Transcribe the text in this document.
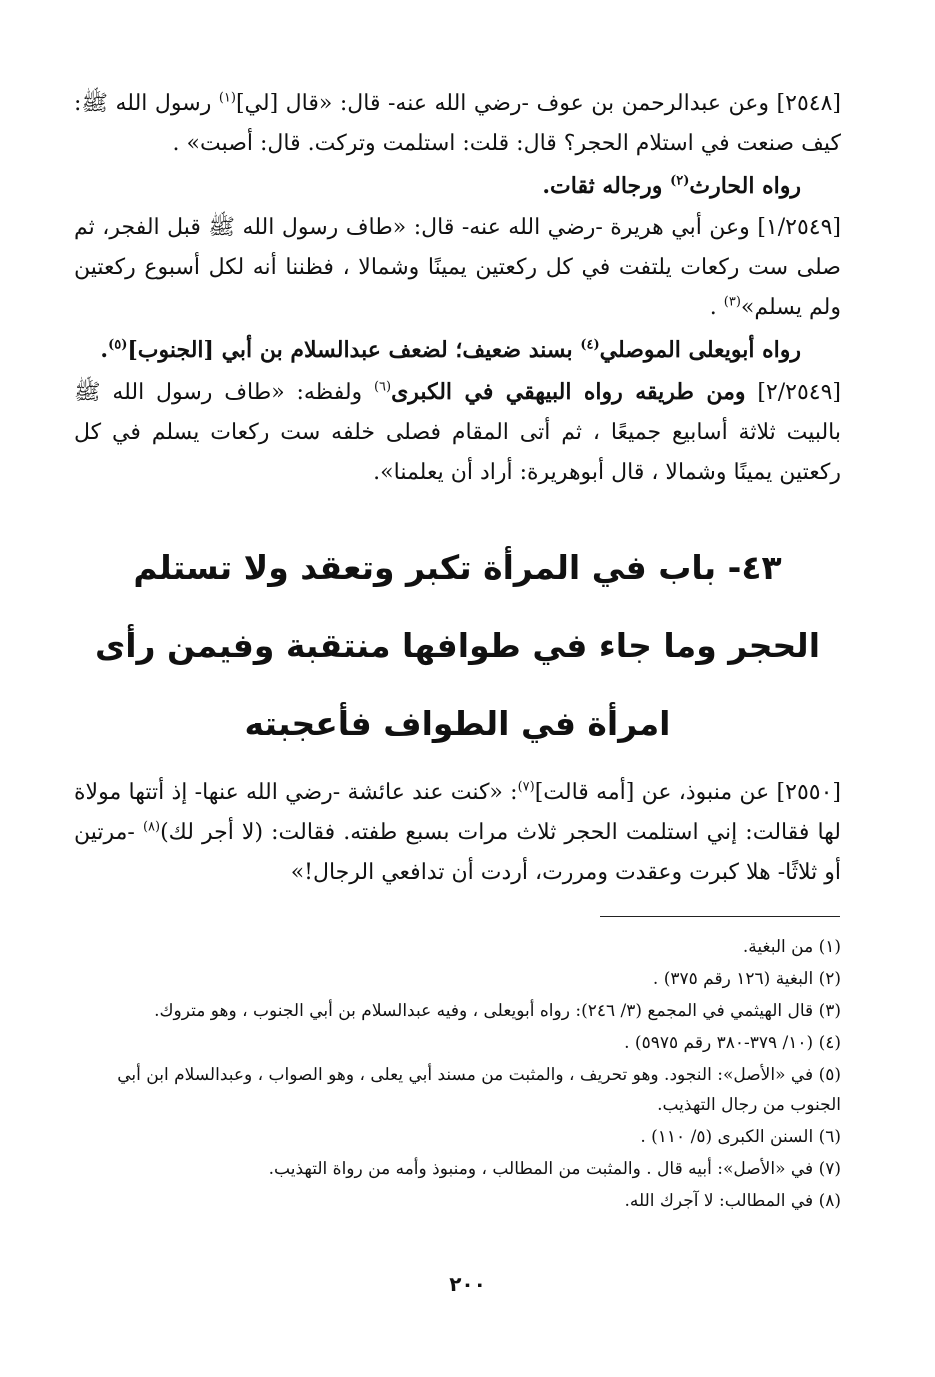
[٢٥٤٨] وعن عبدالرحمن بن عوف -رضي الله عنه- قال: «قال [لي]$^{(١)}$ رسول الله ﷺ: كيف صنعت في استلام الحجر؟ قال: قلت: استلمت وتركت. قال: أصبت» .

رواه الحارث$^{(٢)}$ ورجاله ثقات.

[١/٢٥٤٩] وعن أبي هريرة -رضي الله عنه- قال: «طاف رسول الله ﷺ قبل الفجر، ثم صلى ست ركعات يلتفت في كل ركعتين يمينًا وشمالا ، فظننا أنه لكل أسبوع ركعتين ولم يسلم»$^{(٣)}$ .

رواه أبويعلى الموصلي$^{(٤)}$ بسند ضعيف؛ لضعف عبدالسلام بن أبي [الجنوب]$^{(٥)}$.

[٢/٢٥٤٩] ومن طريقه رواه البيهقي في الكبرى$^{(٦)}$ ولفظه: «طاف رسول الله ﷺ بالبيت ثلاثة أسابيع جميعًا ، ثم أتى المقام فصلى خلفه ست ركعات يسلم في كل ركعتين يمينًا وشمالا ، قال أبوهريرة: أراد أن يعلمنا».

٤٣- باب في المرأة تكبر وتعقد ولا تستلم
الحجر وما جاء في طوافها منتقبة وفيمن رأى
امرأة في الطواف فأعجبته

[٢٥٥٠] عن منبوذ، عن [أمه قالت]$^{(٧)}$: «كنت عند عائشة -رضي الله عنها- إذ أتتها مولاة لها فقالت: إني استلمت الحجر ثلاث مرات بسبع طفته. فقالت: (لا أجر لك)$^{(٨)}$ -مرتين أو ثلاثًا- هلا كبرت وعقدت ومررت، أردت أن تدافعي الرجال!»

(١) من البغية.

(٢) البغية (١٢٦ رقم ٣٧٥) .

(٣) قال الهيثمي في المجمع (٣/ ٢٤٦): رواه أبويعلى ، وفيه عبدالسلام بن أبي الجنوب ، وهو متروك.

(٤) (١٠/ ٣٧٩-٣٨٠ رقم ٥٩٧٥) .

(٥) في «الأصل»: النجود. وهو تحريف ، والمثبت من مسند أبي يعلى ، وهو الصواب ، وعبدالسلام ابن أبي الجنوب من رجال التهذيب.

(٦) السنن الكبرى (٥/ ١١٠) .

(٧) في «الأصل»: أبيه قال . والمثبت من المطالب ، ومنبوذ وأمه من رواة التهذيب.

(٨) في المطالب: لا آجرك الله.

٢٠٠
